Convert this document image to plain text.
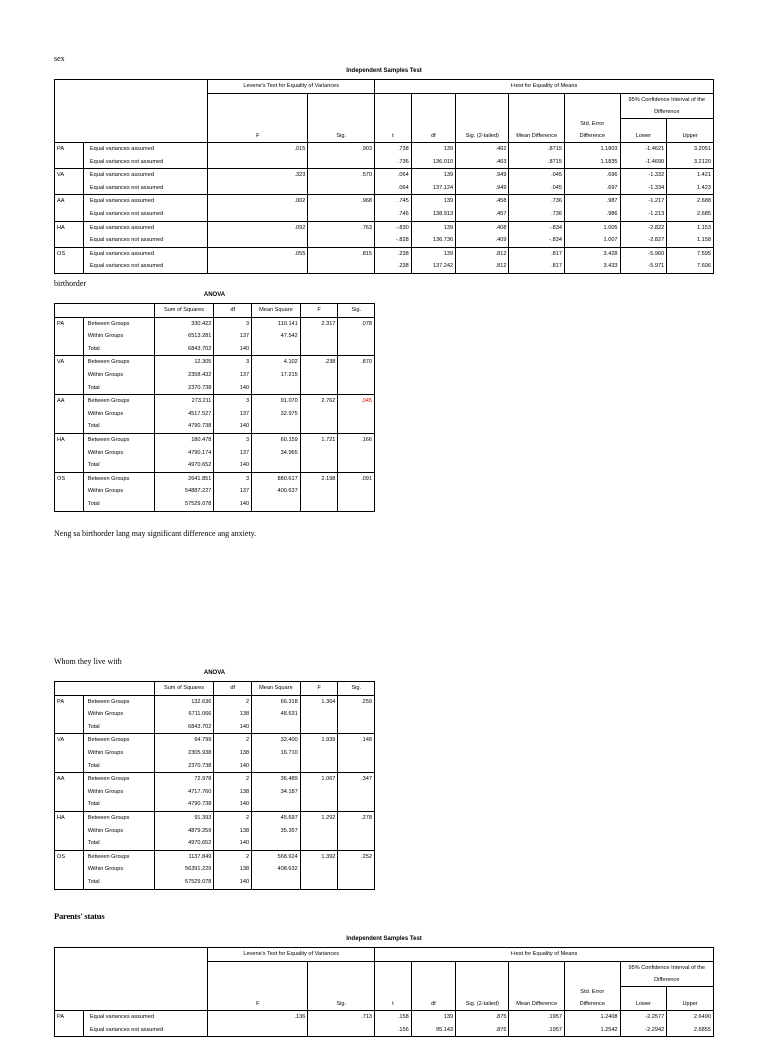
sex
Independent Samples Test
		Levene's Test for Equality of Variances		t-test for Equality of Means						

									95% Confidence Interval of the
Difference	

		F	Sig.	t	df	Sig. (2-tailed)	Mean Difference	Std. Error
Difference	Lower	Upper
PA	Equal variances assumed	.015	.903	.738	139	.462	.8715	1.1803	-1.4621	3.2051
	Equal variances not assumed			.736	136.010	.463	.8715	1.1835	-1.4690	3.2120
VA	Equal variances assumed	.323	.570	.064	139	.949	.045	.696	-1.332	1.421
	Equal variances not assumed			.064	137.124	.949	.045	.697	-1.334	1.423
AA	Equal variances assumed	.002	.968	.745	139	.458	.736	.987	-1.217	2.688
	Equal variances not assumed			.746	138.913	.457	.736	.986	-1.213	2.685
HA	Equal variances assumed	.092	.763	-.830	139	.408	-.834	1.005	-2.822	1.153
	Equal variances not assumed			-.828	136.736	.409	-.834	1.007	-2.827	1.158
OS	Equal variances assumed	.055	.815	.238	139	.812	.817	3.428	-5.960	7.595
	Equal variances not assumed			.238	137.242	.812	.817	3.433	-5.971	7.606
birthorder
ANOVA
		Sum of Squares	df	Mean Square	F	Sig.
PA	Between Groups	330.422	3	110.141	2.317	.078
	Within Groups	6513.281	137	47.542		
	Total	6843.702	140			
VA	Between Groups	12.305	3	4.102	.238	.870
	Within Groups	2358.432	137	17.215		
	Total	2370.738	140			
AA	Between Groups	273.211	3	91.070	2.762	.045
	Within Groups	4517.527	137	32.975		
	Total	4790.738	140			
HA	Between Groups	180.478	3	60.159	1.721	.166
	Within Groups	4790.174	137	34.965		
	Total	4970.652	140			
OS	Between Groups	2641.851	3	880.617	2.198	.091
	Within Groups	54887.227	137	400.637		
	Total	57529.078	140			
Neng sa birthorder lang may significant difference ang anxiety.
Whom they live with
ANOVA
		Sum of Squares	df	Mean Square	F	Sig.
PA	Between Groups	132.636	2	66.318	1.364	.259
	Within Groups	6711.066	138	48.631		
	Total	6843.702	140			
VA	Between Groups	64.799	2	32.400	1.939	.148
	Within Groups	2305.938	138	16.710		
	Total	2370.738	140			
AA	Between Groups	72.978	2	36.489	1.067	.347
	Within Groups	4717.760	138	34.187		
	Total	4790.738	140			
HA	Between Groups	91.393	2	45.697	1.292	.278
	Within Groups	4879.259	138	35.357		
	Total	4970.652	140			
OS	Between Groups	1137.849	2	568.924	1.392	.252
	Within Groups	56391.229	138	408.632		
	Total	57529.078	140			
Parents' status
Independent Samples Test
		Levene's Test for Equality of Variances		t-test for Equality of Means						

									95% Confidence Interval of the
Difference	

		F	Sig.	t	df	Sig. (2-tailed)	Mean Difference	Std. Error
Difference	Lower	Upper
PA	Equal variances assumed	.136	.713	.158	139	.875	.1957	1.2408	-2.2577	2.6490
	Equal variances not assumed			.156	95.143	.876	.1957	1.2542	-2.2942	2.6855
